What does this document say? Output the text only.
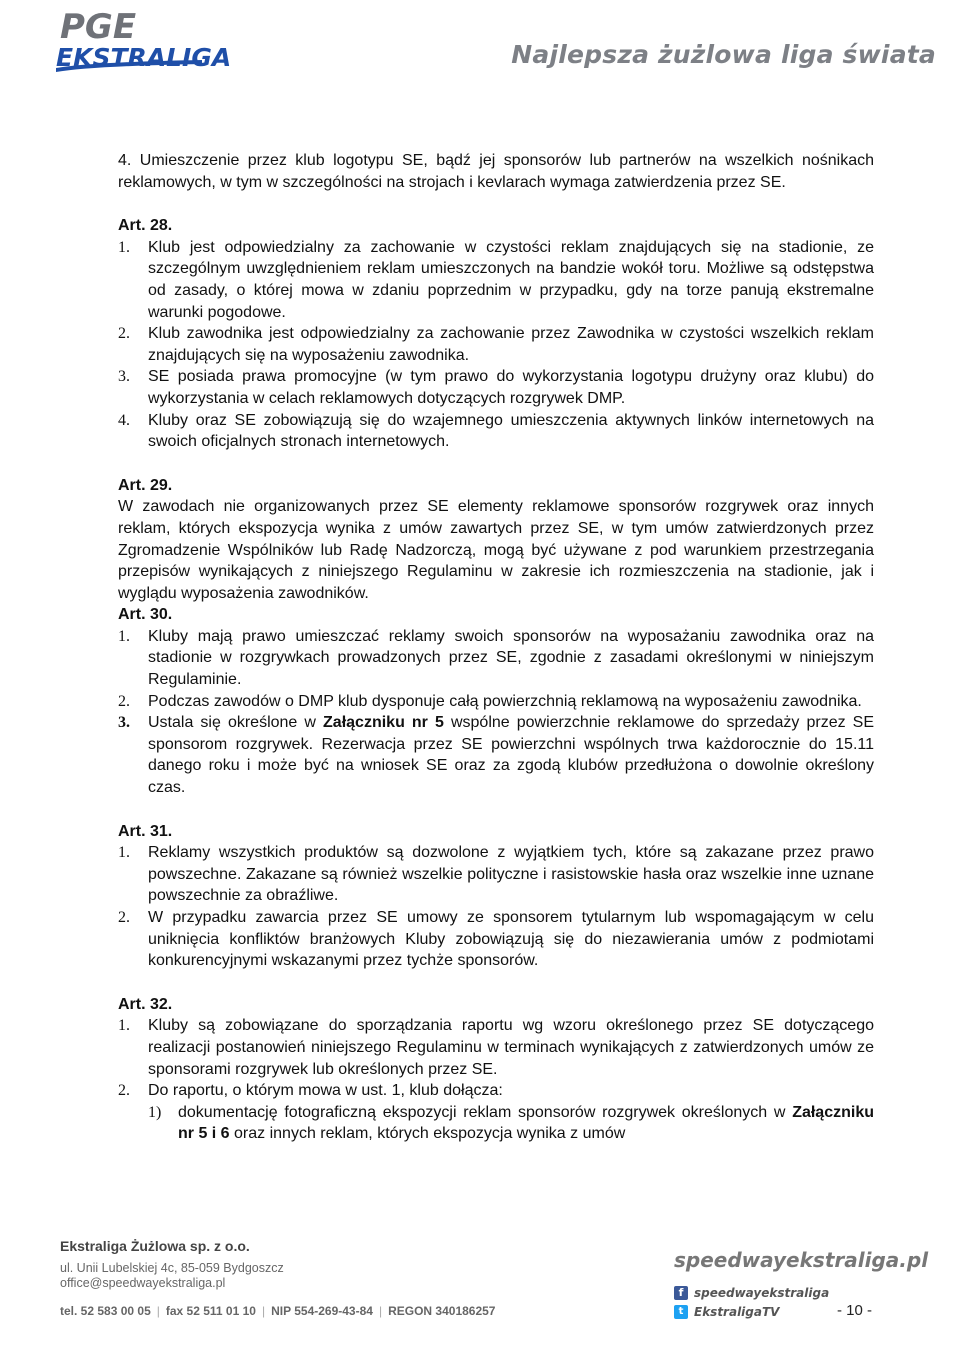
PGE
EKSTRALIGA	Najlepsza żużlowa liga świata

4. Umieszczenie przez klub logotypu SE, bądź jej sponsorów lub partnerów na wszelkich nośnikach reklamowych, w tym w szczególności na strojach i kevlarach wymaga zatwierdzenia przez SE.

Art. 28.

1. Klub jest odpowiedzialny za zachowanie w czystości reklam znajdujących się na stadionie, ze szczególnym uwzględnieniem reklam umieszczonych na bandzie wokół toru. Możliwe są odstępstwa od zasady, o której mowa w zdaniu poprzednim w przypadku, gdy na torze panują ekstremalne warunki pogodowe.

2. Klub zawodnika jest odpowiedzialny za zachowanie przez Zawodnika w czystości wszelkich reklam znajdujących się na wyposażeniu zawodnika.

3. SE posiada prawa promocyjne (w tym prawo do wykorzystania logotypu drużyny oraz klubu) do wykorzystania w celach reklamowych dotyczących rozgrywek DMP.

4. Kluby oraz SE zobowiązują się do wzajemnego umieszczenia aktywnych linków internetowych na swoich oficjalnych stronach internetowych.

Art. 29.

W zawodach nie organizowanych przez SE elementy reklamowe sponsorów rozgrywek oraz innych reklam, których ekspozycja wynika z umów zawartych przez SE, w tym umów zatwierdzonych przez Zgromadzenie Wspólników lub Radę Nadzorczą, mogą być używane z pod warunkiem przestrzegania przepisów wynikających z niniejszego Regulaminu w zakresie ich rozmieszczenia na stadionie, jak i wyglądu wyposażenia zawodników.

Art. 30.

1. Kluby mają prawo umieszczać reklamy swoich sponsorów na wyposażaniu zawodnika oraz na stadionie w rozgrywkach prowadzonych przez SE, zgodnie z zasadami określonymi w niniejszym Regulaminie.

2. Podczas zawodów o DMP klub dysponuje całą powierzchnią reklamową na wyposażeniu zawodnika.

3. Ustala się określone w Załączniku nr 5 wspólne powierzchnie reklamowe do sprzedaży przez SE sponsorom rozgrywek. Rezerwacja przez SE powierzchni wspólnych trwa każdorocznie do 15.11 danego roku i może być na wniosek SE oraz za zgodą klubów przedłużona o dowolnie określony czas.

Art. 31.

1. Reklamy wszystkich produktów są dozwolone z wyjątkiem tych, które są zakazane przez prawo powszechne. Zakazane są również wszelkie polityczne i rasistowskie hasła oraz wszelkie inne uznane powszechnie za obraźliwe.

2. W przypadku zawarcia przez SE umowy ze sponsorem tytularnym lub wspomagającym w celu uniknięcia konfliktów branżowych Kluby zobowiązują się do niezawierania umów z podmiotami konkurencyjnymi wskazanymi przez tychże sponsorów.

Art. 32.

1. Kluby są zobowiązane do sporządzania raportu wg wzoru określonego przez SE dotyczącego realizacji postanowień niniejszego Regulaminu w terminach wynikających z zatwierdzonych umów ze sponsorami rozgrywek lub określonych przez SE.

2. Do raportu, o którym mowa w ust. 1, klub dołącza:

1) dokumentację fotograficzną ekspozycji reklam sponsorów rozgrywek określonych w Załączniku nr 5 i 6 oraz innych reklam, których ekspozycja wynika z umów

Ekstraliga Żużlowa sp. z o.o.
ul. Unii Lubelskiej 4c, 85-059 Bydgoszcz
office@speedwayekstraliga.pl
tel. 52 583 00 05 | fax 52 511 01 10 | NIP 554-269-43-84 | REGON 340186257
speedwayekstraliga.pl
f speedwayekstraliga
t EkstraligaTV	- 10 -
